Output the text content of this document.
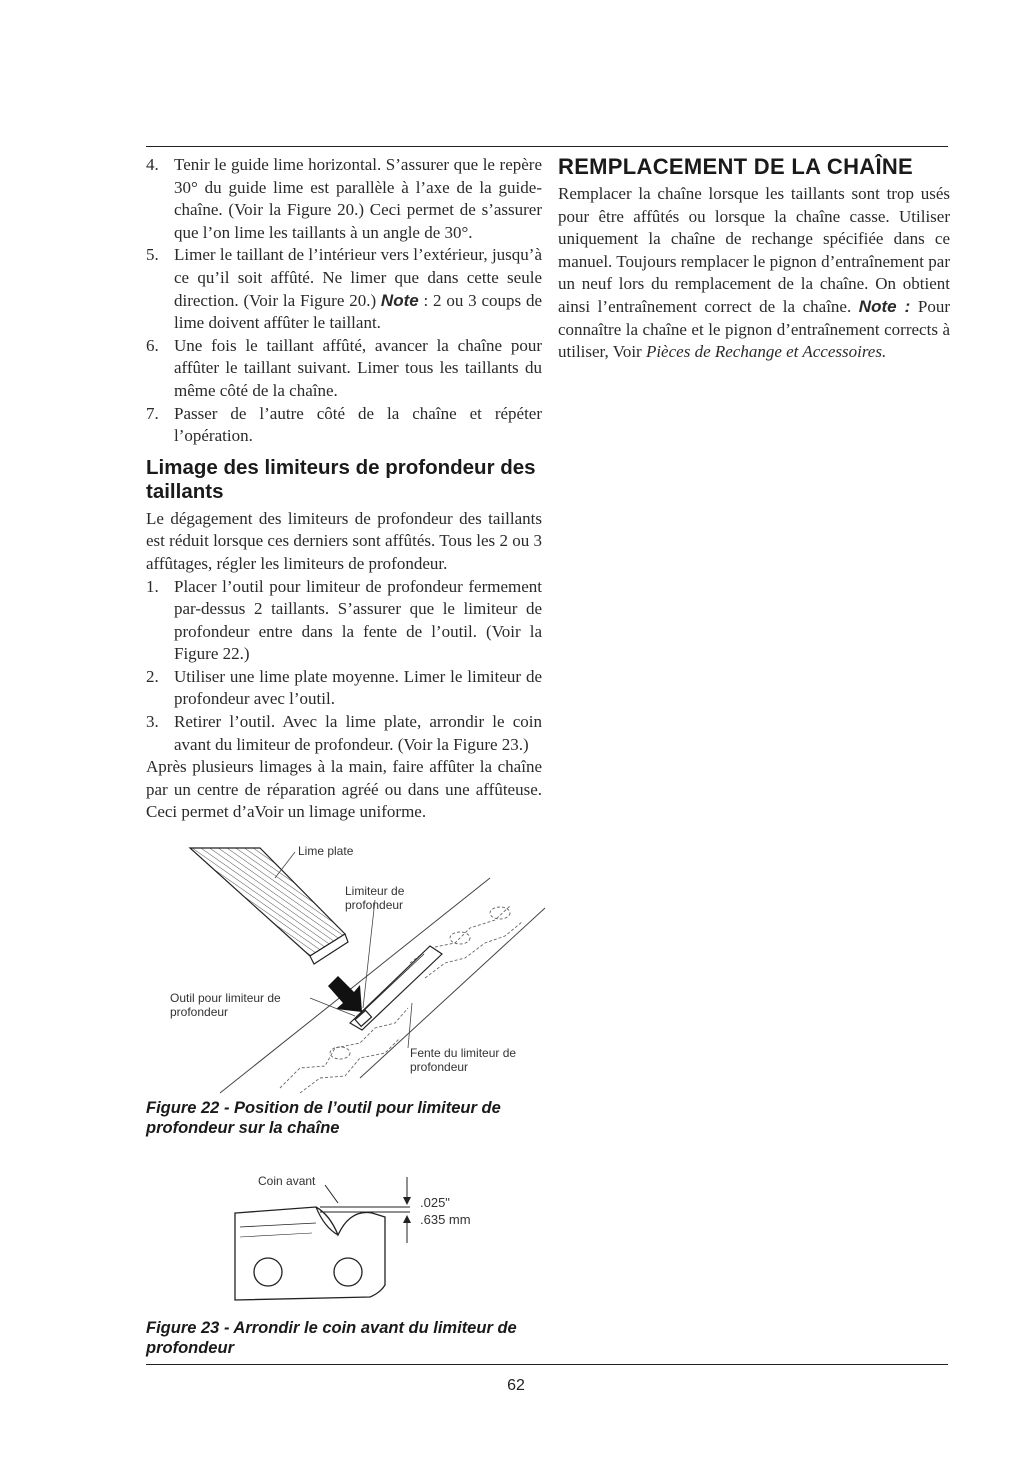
4. Tenir le guide lime horizontal. S’assurer que le repère 30° du guide lime est parallèle à l’axe de la guide-chaîne. (Voir la Figure 20.) Ceci permet de s’assurer que l’on lime les taillants à un angle de 30°.
5. Limer le taillant de l’intérieur vers l’extérieur, jusqu’à ce qu’il soit affûté. Ne limer que dans cette seule direction. (Voir la Figure 20.) Note : 2 ou 3 coups de lime doivent affûter le taillant.
6. Une fois le taillant affûté, avancer la chaîne pour affûter le taillant suivant. Limer tous les taillants du même côté de la chaîne.
7. Passer de l’autre côté de la chaîne et répéter l’opération.
Limage des limiteurs de profondeur des taillants

Le dégagement des limiteurs de profondeur des taillants est réduit lorsque ces derniers sont affûtés. Tous les 2 ou 3 affûtages, régler les limiteurs de profondeur.

1. Placer l’outil pour limiteur de profondeur fermement par-dessus 2 taillants. S’assurer que le limiteur de profondeur entre dans la fente de l’outil. (Voir la Figure 22.)
2. Utiliser une lime plate moyenne. Limer le limiteur de profondeur avec l’outil.
3. Retirer l’outil. Avec la lime plate, arrondir le coin avant du limiteur de profondeur. (Voir la Figure 23.)

Après plusieurs limages à la main, faire affûter la chaîne par un centre de réparation agréé ou dans une affûteuse. Ceci permet d’aVoir un limage uniforme.

REMPLACEMENT DE LA CHAÎNE

Remplacer la chaîne lorsque les taillants sont trop usés pour être affûtés ou lorsque la chaîne casse. Utiliser uniquement la chaîne de rechange spécifiée dans ce manuel. Toujours remplacer le pignon d’entraînement par un neuf lors du remplacement de la chaîne. On obtient ainsi l’entraînement correct de la chaîne. Note : Pour connaître la chaîne et le pignon d’entraînement corrects à utiliser, Voir Pièces de Rechange et Accessoires.

Lime plate
Limiteur de profondeur
Outil pour limiteur de profondeur
Fente du limiteur de profondeur
Figure 22 - Position de l’outil pour limiteur de profondeur sur la chaîne
Coin avant
.025"
.635 mm
Figure 23 - Arrondir le coin avant du limiteur de profondeur
62
